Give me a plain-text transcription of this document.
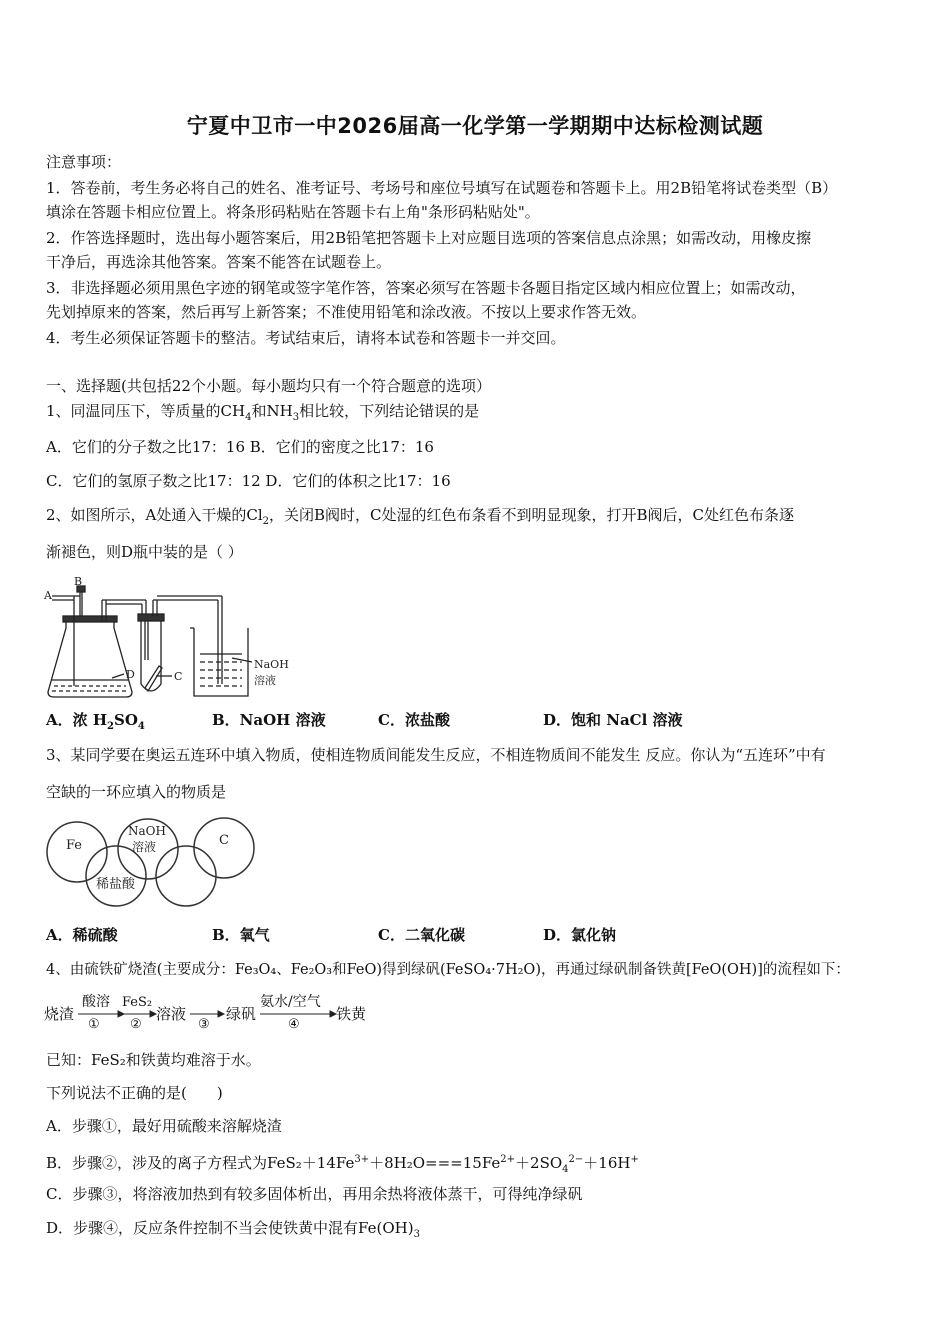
宁夏中卫市一中2026届高一化学第一学期期中达标检测试题
注意事项：
1．答卷前，考生务必将自己的姓名、准考证号、考场号和座位号填写在试题卷和答题卡上。用2B铅笔将试卷类型（B）
填涂在答题卡相应位置上。将条形码粘贴在答题卡右上角"条形码粘贴处"。
2．作答选择题时，选出每小题答案后，用2B铅笔把答题卡上对应题目选项的答案信息点涂黑；如需改动，用橡皮擦
干净后，再选涂其他答案。答案不能答在试题卷上。
3．非选择题必须用黑色字迹的钢笔或签字笔作答，答案必须写在答题卡各题目指定区域内相应位置上；如需改动，
先划掉原来的答案，然后再写上新答案；不准使用铅笔和涂改液。不按以上要求作答无效。
4．考生必须保证答题卡的整洁。考试结束后，请将本试卷和答题卡一并交回。
一、选择题(共包括22个小题。每小题均只有一个符合题意的选项）
1、同温同压下，等质量的$CH_4$和$NH_3$相比较，下列结论错误的是
A．它们的分子数之比17：16 B．它们的密度之比17：16
C．它们的氢原子数之比17：12 D．它们的体积之比17：16
2、如图所示，A处通入干燥的$Cl_2$，关闭B阀时，C处湿的红色布条看不到明显现象，打开B阀后，C处红色布条逐
渐褪色，则D瓶中装的是（ ）
A
B
C
D
NaOH
溶液
A．浓 $H_2SO_4$	B．NaOH 溶液	C．浓盐酸	D．饱和 NaCl 溶液
3、某同学要在奥运五连环中填入物质，使相连物质间能发生反应，不相连物质间不能发生 反应。你认为“五连环”中有
空缺的一环应填入的物质是
Fe
NaOH
溶液	C
稀盐酸
A．稀硫酸	B．氧气	C．二氧化碳	D．氯化钠
4、由硫铁矿烧渣(主要成分：Fe₃O₄、Fe₂O₃和FeO)得到绿矾(FeSO₄·7H₂O)，再通过绿矾制备铁黄[FeO(OH)]的流程如下：
烧渣
酸溶
①
FeS₂
②
溶液
③
绿矾
氨水/空气
④
铁黄
已知：FeS₂和铁黄均难溶于水。
下列说法不正确的是(　　)
A．步骤①，最好用硫酸来溶解烧渣
B．步骤②，涉及的离子方程式为$FeS_2+14Fe^{3+}+8H_2O===15Fe^{2+}+2SO_4^{2-}+16H^+$
C．步骤③，将溶液加热到有较多固体析出，再用余热将液体蒸干，可得纯净绿矾
D．步骤④，反应条件控制不当会使铁黄中混有$Fe(OH)_3$
